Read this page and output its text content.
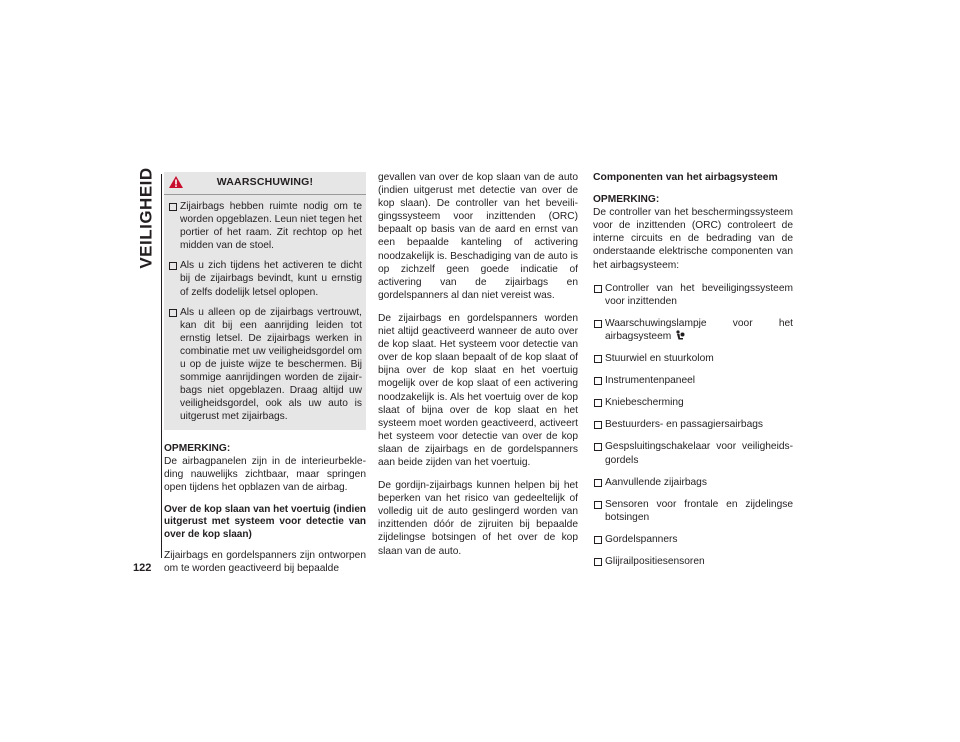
VEILIGHEID
122
WAARSCHUWING!
Zijairbags hebben ruimte nodig om te worden opgeblazen. Leun niet tegen het portier of het raam. Zit rechtop op het midden van de stoel.
Als u zich tijdens het activeren te dicht bij de zijairbags bevindt, kunt u ernstig of zelfs dodelijk letsel oplopen.
Als u alleen op de zijairbags vertrouwt, kan dit bij een aanrijding leiden tot ernstig letsel. De zijairbags werken in combinatie met uw veiligheidsgordel om u op de juiste wijze te beschermen. Bij sommige aanrijdingen worden de zijair-bags niet opgeblazen. Draag altijd uw veiligheidsgordel, ook als uw auto is uitgerust met zijairbags.
OPMERKING:

De airbagpanelen zijn in de interieurbekle-ding nauwelijks zichtbaar, maar springen open tijdens het opblazen van de airbag.

Over de kop slaan van het voertuig (indien uitgerust met systeem voor detectie van over de kop slaan)

Zijairbags en gordelspanners zijn ontworpen om te worden geactiveerd bij bepaalde

gevallen van over de kop slaan van de auto (indien uitgerust met detectie van over de kop slaan). De controller van het beveili-gingssysteem voor inzittenden (ORC) bepaalt op basis van de aard en ernst van een bepaalde kanteling of activering noodzakelijk is. Beschadiging van de auto is op zichzelf geen goede indicatie of activering van de zijairbags en gordelspanners al dan niet vereist was.

De zijairbags en gordelspanners worden niet altijd geactiveerd wanneer de auto over de kop slaat. Het systeem voor detectie van over de kop slaan bepaalt of de kop slaat of bijna over de kop slaat en het voertuig mogelijk over de kop slaat of een activering noodzakelijk is. Als het voertuig over de kop slaat of bijna over de kop slaat en het systeem moet worden geactiveerd, activeert het systeem voor detectie van over de kop slaan de zijairbags en de gordelspanners aan beide zijden van het voertuig.

De gordijn-zijairbags kunnen helpen bij het beperken van het risico van gedeeltelijk of volledig uit de auto geslingerd worden van inzittenden dóór de zijruiten bij bepaalde zijdelingse botsingen of het over de kop slaan van de auto.

Componenten van het airbagsysteem
OPMERKING:

De controller van het beschermingssysteem voor de inzittenden (ORC) controleert de interne circuits en de bedrading van de onderstaande elektrische componenten van het airbagsysteem:

Controller van het beveiligingssysteem voor inzittenden
Waarschuwingslampje voor het airbagsysteem
Stuurwiel en stuurkolom
Instrumentenpaneel
Kniebescherming
Bestuurders- en passagiersairbags
Gespsluitingschakelaar voor veiligheids-gordels
Aanvullende zijairbags
Sensoren voor frontale en zijdelingse botsingen
Gordelspanners
Glijrailpositiesensoren
